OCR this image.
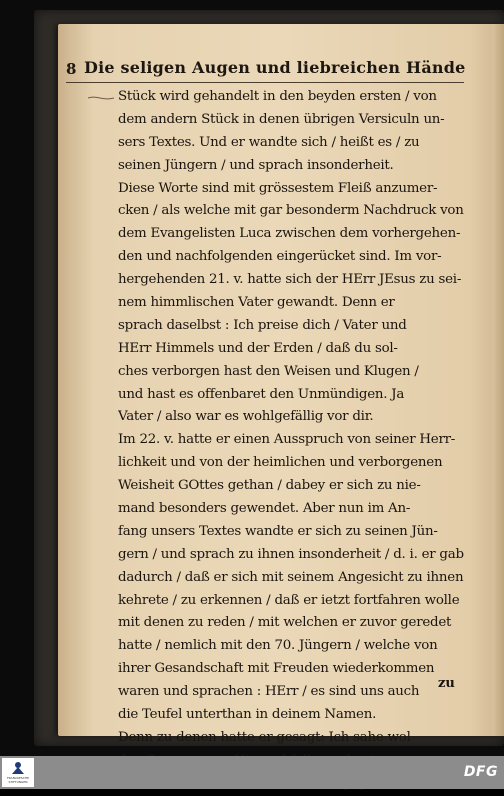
8 Die seligen Augen und liebreichen Hände
Stück wird gehandelt in den beyden ersten / von
dem andern Stück in denen übrigen Versiculn un-
sers Textes. Und er wandte sich / heißt es / zu
seinen Jüngern / und sprach insonderheit.
Diese Worte sind mit grössestem Fleiß anzumer-
cken / als welche mit gar besonderm Nachdruck von
dem Evangelisten Luca zwischen dem vorhergehen-
den und nachfolgenden eingerücket sind. Im vor-
hergehenden 21. v. hatte sich der HErr JEsus zu sei-
nem himmlischen Vater gewandt. Denn er
sprach daselbst : Ich preise dich / Vater und
HErr Himmels und der Erden / daß du sol-
ches verborgen hast den Weisen und Klugen /
und hast es offenbaret den Unmündigen. Ja
Vater / also war es wohlgefällig vor dir.
Im 22. v. hatte er einen Ausspruch von seiner Herr-
lichkeit und von der heimlichen und verborgenen
Weisheit GOttes gethan / dabey er sich zu nie-
mand besonders gewendet. Aber nun im An-
fang unsers Textes wandte er sich zu seinen Jün-
gern / und sprach zu ihnen insonderheit / d. i. er gab
dadurch / daß er sich mit seinem Angesicht zu ihnen
kehrete / zu erkennen / daß er ietzt fortfahren wolle
mit denen zu reden / mit welchen er zuvor geredet
hatte / nemlich mit den 70. Jüngern / welche von
ihrer Gesandschaft mit Freuden wiederkommen
waren und sprachen : HErr / es sind uns auch
die Teufel unterthan in deinem Namen.
Denn zu denen hatte er gesagt: Ich sahe wol
zu
FRANCKESCHE STIFTUNGEN
DFG
